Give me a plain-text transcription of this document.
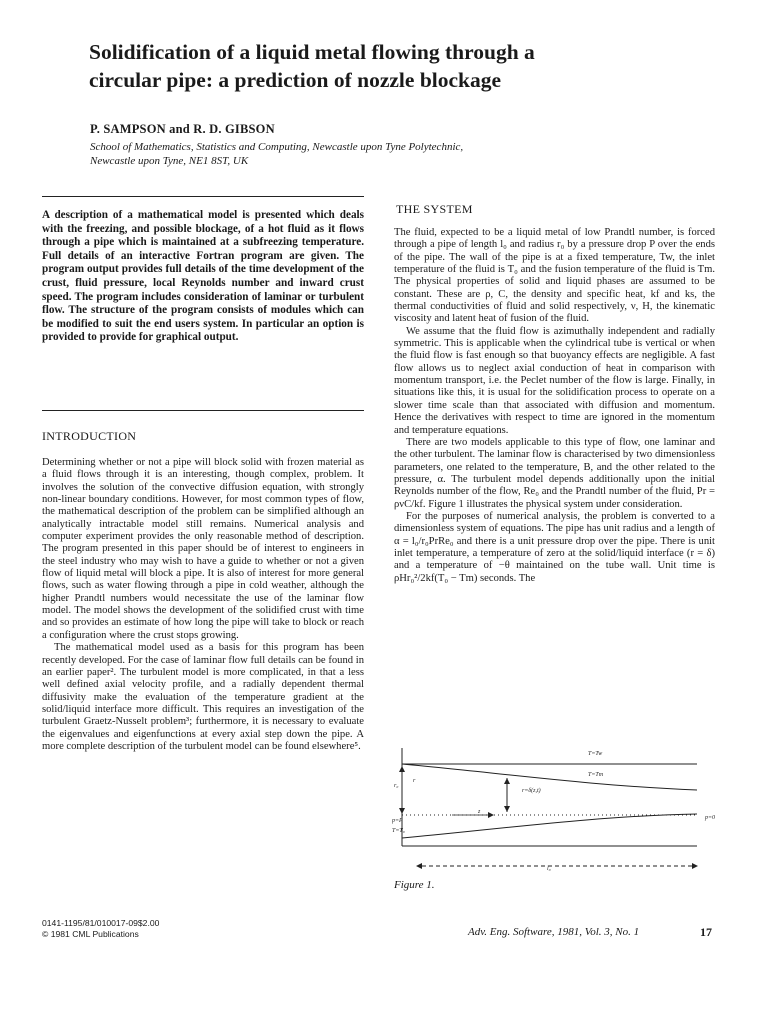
Solidification of a liquid metal flowing through a
circular pipe: a prediction of nozzle blockage

P. SAMPSON and R. D. GIBSON

School of Mathematics, Statistics and Computing, Newcastle upon Tyne Polytechnic,
Newcastle upon Tyne, NE1 8ST, UK

A description of a mathematical model is presented which deals with the freezing, and possible blockage, of a hot fluid as it flows through a pipe which is maintained at a subfreezing temperature. Full details of an interactive Fortran program are given. The program output provides full details of the time development of the crust, fluid pressure, local Reynolds number and inward crust speed. The program includes consideration of laminar or turbulent flow. The structure of the program consists of modules which can be modified to suit the end users system. In particular an option is provided to provide for graphical output.

INTRODUCTION

Determining whether or not a pipe will block solid with frozen material as a fluid flows through it is an interesting, though complex, problem. It involves the solution of the convective diffusion equation, with strongly non-linear boundary conditions. However, for most common types of flow, the mathematical description of the problem can be simplified although an analytically intractable model still remains. Numerical analysis and computer experiment provides the only reasonable method of description. The program presented in this paper should be of interest to engineers in the steel industry who may wish to have a guide to whether or not a given flow of liquid metal will block a pipe. It is also of interest for more general flows, such as water flowing through a pipe in cold weather, although the higher Prandtl numbers would necessitate the use of the laminar flow model. The model shows the development of the solidified crust with time and so provides an estimate of how long the pipe will take to block or reach a configuration where the crust stops growing.

The mathematical model used as a basis for this program has been recently developed. For the case of laminar flow full details can be found in an earlier paper². The turbulent model is more complicated, in that a less well defined axial velocity profile, and a radially dependent thermal diffusivity make the evaluation of the temperature gradient at the solid/liquid interface more difficult. This requires an investigation of the turbulent Graetz-Nusselt problem³; furthermore, it is necessary to evaluate the eigenvalues and eigenfunctions at every axial step down the pipe. A more complete description of the turbulent model can be found elsewhere⁵.

THE SYSTEM

The fluid, expected to be a liquid metal of low Prandtl number, is forced through a pipe of length l₀ and radius r₀ by a pressure drop P over the ends of the pipe. The wall of the pipe is at a fixed temperature, Tw, the inlet temperature of the fluid is T₀ and the fusion temperature of the fluid is Tm. The physical properties of solid and liquid phases are assumed to be constant. These are ρ, C, the density and specific heat, kf and ks, the thermal conductivities of fluid and solid respectively, ν, H, the kinematic viscosity and latent heat of fusion of the fluid.

We assume that the fluid flow is azimuthally independent and radially symmetric. This is applicable when the cylindrical tube is vertical or when the fluid flow is fast enough so that buoyancy effects are negligible. A fast flow allows us to neglect axial conduction of heat in comparison with momentum transport, i.e. the Peclet number of the flow is large. Finally, in situations like this, it is usual for the solidification process to operate on a slower time scale than that associated with diffusion and momentum. Hence the derivatives with respect to time are ignored in the momentum and temperature equations.

There are two models applicable to this type of flow, one laminar and the other turbulent. The laminar flow is characterised by two dimensionless parameters, one related to the temperature, B, and the other related to the pressure, α. The turbulent model depends additionally upon the initial Reynolds number of the flow, Re₀ and the Prandtl number of the fluid, Pr = ρνC/kf. Figure 1 illustrates the physical system under consideration.

For the purposes of numerical analysis, the problem is converted to a dimensionless system of equations. The pipe has unit radius and a length of α = l₀/r₀PrRe₀ and there is a unit pressure drop over the pipe. There is unit inlet temperature, a temperature of zero at the solid/liquid interface (r = δ) and a temperature of −θ maintained on the tube wall. Unit time is ρHr₀²/2kf(T₀ − Tm) seconds. The

T=Tw
T=Tm
r=δ(z,t)
r₀
r
z
p=P
T=T₀
p=0
l₀

Figure 1.

0141-1195/81/010017-09$2.00
© 1981 CML Publications	Adv. Eng. Software, 1981, Vol. 3, No. 1	17
